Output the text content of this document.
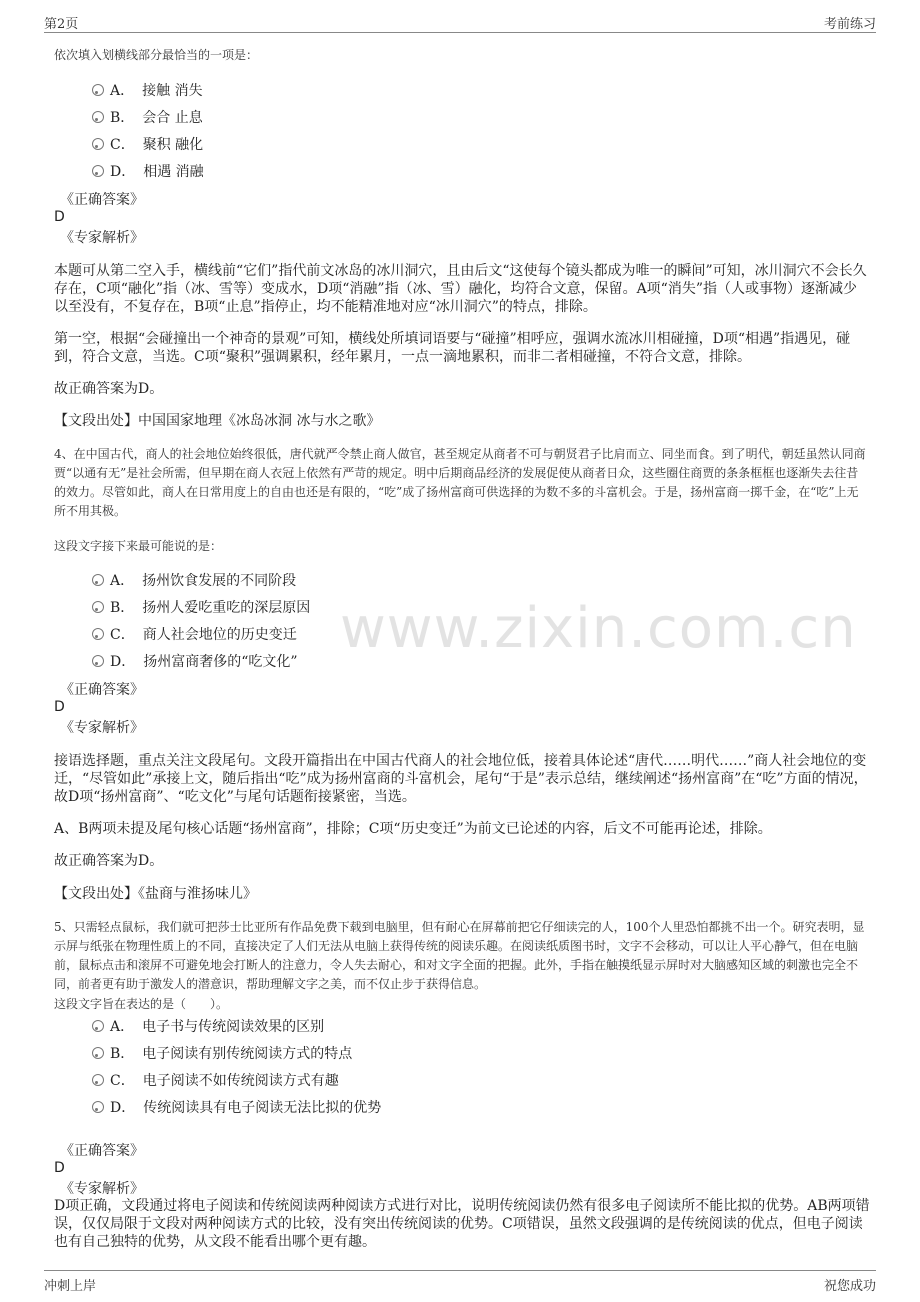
第2页	考前练习
www.zixin.com.cn
依次填入划横线部分最恰当的一项是：
A． 接触 消失
B． 会合 止息
C． 聚积 融化
D． 相遇 消融
《正确答案》
D
《专家解析》
本题可从第二空入手，横线前“它们”指代前文冰岛的冰川洞穴，且由后文“这使每个镜头都成为唯一的瞬间”可知，冰川洞穴不会长久存在，C项“融化”指（冰、雪等）变成水，D项“消融”指（冰、雪）融化，均符合文意，保留。A项“消失”指（人或事物）逐渐减少以至没有，不复存在，B项“止息”指停止，均不能精准地对应“冰川洞穴”的特点，排除。
第一空，根据“会碰撞出一个神奇的景观”可知，横线处所填词语要与“碰撞”相呼应，强调水流冰川相碰撞，D项“相遇”指遇见，碰到，符合文意，当选。C项“聚积”强调累积，经年累月，一点一滴地累积，而非二者相碰撞，不符合文意，排除。
故正确答案为D。
【文段出处】中国国家地理《冰岛冰洞 冰与水之歌》
4、在中国古代，商人的社会地位始终很低，唐代就严令禁止商人做官，甚至规定从商者不可与朝贤君子比肩而立、同坐而食。到了明代，朝廷虽然认同商贾“以通有无”是社会所需，但早期在商人衣冠上依然有严苛的规定。明中后期商品经济的发展促使从商者日众，这些圈住商贾的条条框框也逐渐失去往昔的效力。尽管如此，商人在日常用度上的自由也还是有限的，“吃”成了扬州富商可供选择的为数不多的斗富机会。于是，扬州富商一掷千金，在“吃”上无所不用其极。
这段文字接下来最可能说的是：
A． 扬州饮食发展的不同阶段
B． 扬州人爱吃重吃的深层原因
C． 商人社会地位的历史变迁
D． 扬州富商奢侈的“吃文化”
《正确答案》
D
《专家解析》
接语选择题，重点关注文段尾句。文段开篇指出在中国古代商人的社会地位低，接着具体论述“唐代……明代……”商人社会地位的变迁，“尽管如此”承接上文，随后指出“吃”成为扬州富商的斗富机会，尾句“于是”表示总结，继续阐述“扬州富商”在“吃”方面的情况，故D项“扬州富商”、“吃文化”与尾句话题衔接紧密，当选。
A、B两项未提及尾句核心话题“扬州富商”，排除；C项“历史变迁”为前文已论述的内容，后文不可能再论述，排除。
故正确答案为D。
【文段出处】《盐商与淮扬味儿》
5、只需轻点鼠标，我们就可把莎士比亚所有作品免费下载到电脑里，但有耐心在屏幕前把它仔细读完的人，100个人里恐怕都挑不出一个。研究表明，显示屏与纸张在物理性质上的不同，直接决定了人们无法从电脑上获得传统的阅读乐趣。在阅读纸质图书时，文字不会移动，可以让人平心静气，但在电脑前，鼠标点击和滚屏不可避免地会打断人的注意力，令人失去耐心，和对文字全面的把握。此外，手指在触摸纸显示屏时对大脑感知区域的刺激也完全不同，前者更有助于激发人的潜意识，帮助理解文字之美，而不仅止步于获得信息。
这段文字旨在表达的是（　　）。
A． 电子书与传统阅读效果的区别
B． 电子阅读有别传统阅读方式的特点
C． 电子阅读不如传统阅读方式有趣
D． 传统阅读具有电子阅读无法比拟的优势
《正确答案》
D
《专家解析》
D项正确，文段通过将电子阅读和传统阅读两种阅读方式进行对比，说明传统阅读仍然有很多电子阅读所不能比拟的优势。AB两项错误，仅仅局限于文段对两种阅读方式的比较，没有突出传统阅读的优势。C项错误，虽然文段强调的是传统阅读的优点，但电子阅读也有自己独特的优势，从文段不能看出哪个更有趣。
冲刺上岸	祝您成功
